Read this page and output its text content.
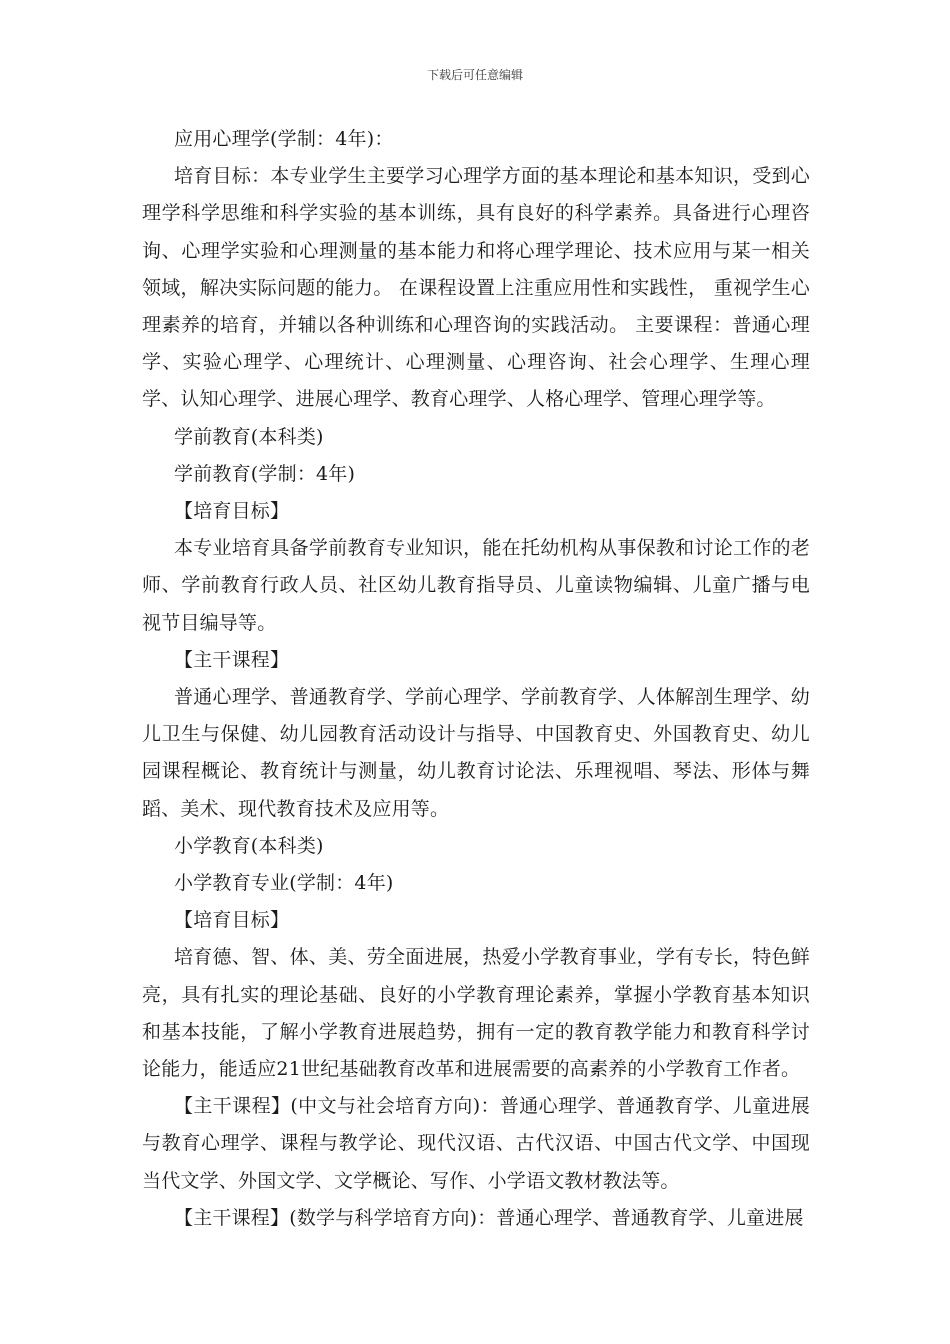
下载后可任意编辑

应用心理学(学制：4年)：

培育目标：本专业学生主要学习心理学方面的基本理论和基本知识，受到心理学科学思维和科学实验的基本训练，具有良好的科学素养。具备进行心理咨询、心理学实验和心理测量的基本能力和将心理学理论、技术应用与某一相关领域，解决实际问题的能力。 在课程设置上注重应用性和实践性， 重视学生心理素养的培育，并辅以各种训练和心理咨询的实践活动。 主要课程：普通心理学、实验心理学、心理统计、心理测量、心理咨询、社会心理学、生理心理学、认知心理学、进展心理学、教育心理学、人格心理学、管理心理学等。

学前教育(本科类)

学前教育(学制：4年)

【培育目标】

本专业培育具备学前教育专业知识，能在托幼机构从事保教和讨论工作的老师、学前教育行政人员、社区幼儿教育指导员、儿童读物编辑、儿童广播与电视节目编导等。

【主干课程】

普通心理学、普通教育学、学前心理学、学前教育学、人体解剖生理学、幼儿卫生与保健、幼儿园教育活动设计与指导、中国教育史、外国教育史、幼儿园课程概论、教育统计与测量，幼儿教育讨论法、乐理视唱、琴法、形体与舞蹈、美术、现代教育技术及应用等。

小学教育(本科类)

小学教育专业(学制：4年)

【培育目标】

培育德、智、体、美、劳全面进展，热爱小学教育事业，学有专长，特色鲜亮，具有扎实的理论基础、良好的小学教育理论素养，掌握小学教育基本知识和基本技能，了解小学教育进展趋势，拥有一定的教育教学能力和教育科学讨论能力，能适应21世纪基础教育改革和进展需要的高素养的小学教育工作者。

【主干课程】(中文与社会培育方向)：普通心理学、普通教育学、儿童进展与教育心理学、课程与教学论、现代汉语、古代汉语、中国古代文学、中国现当代文学、外国文学、文学概论、写作、小学语文教材教法等。

【主干课程】(数学与科学培育方向)：普通心理学、普通教育学、儿童进展
